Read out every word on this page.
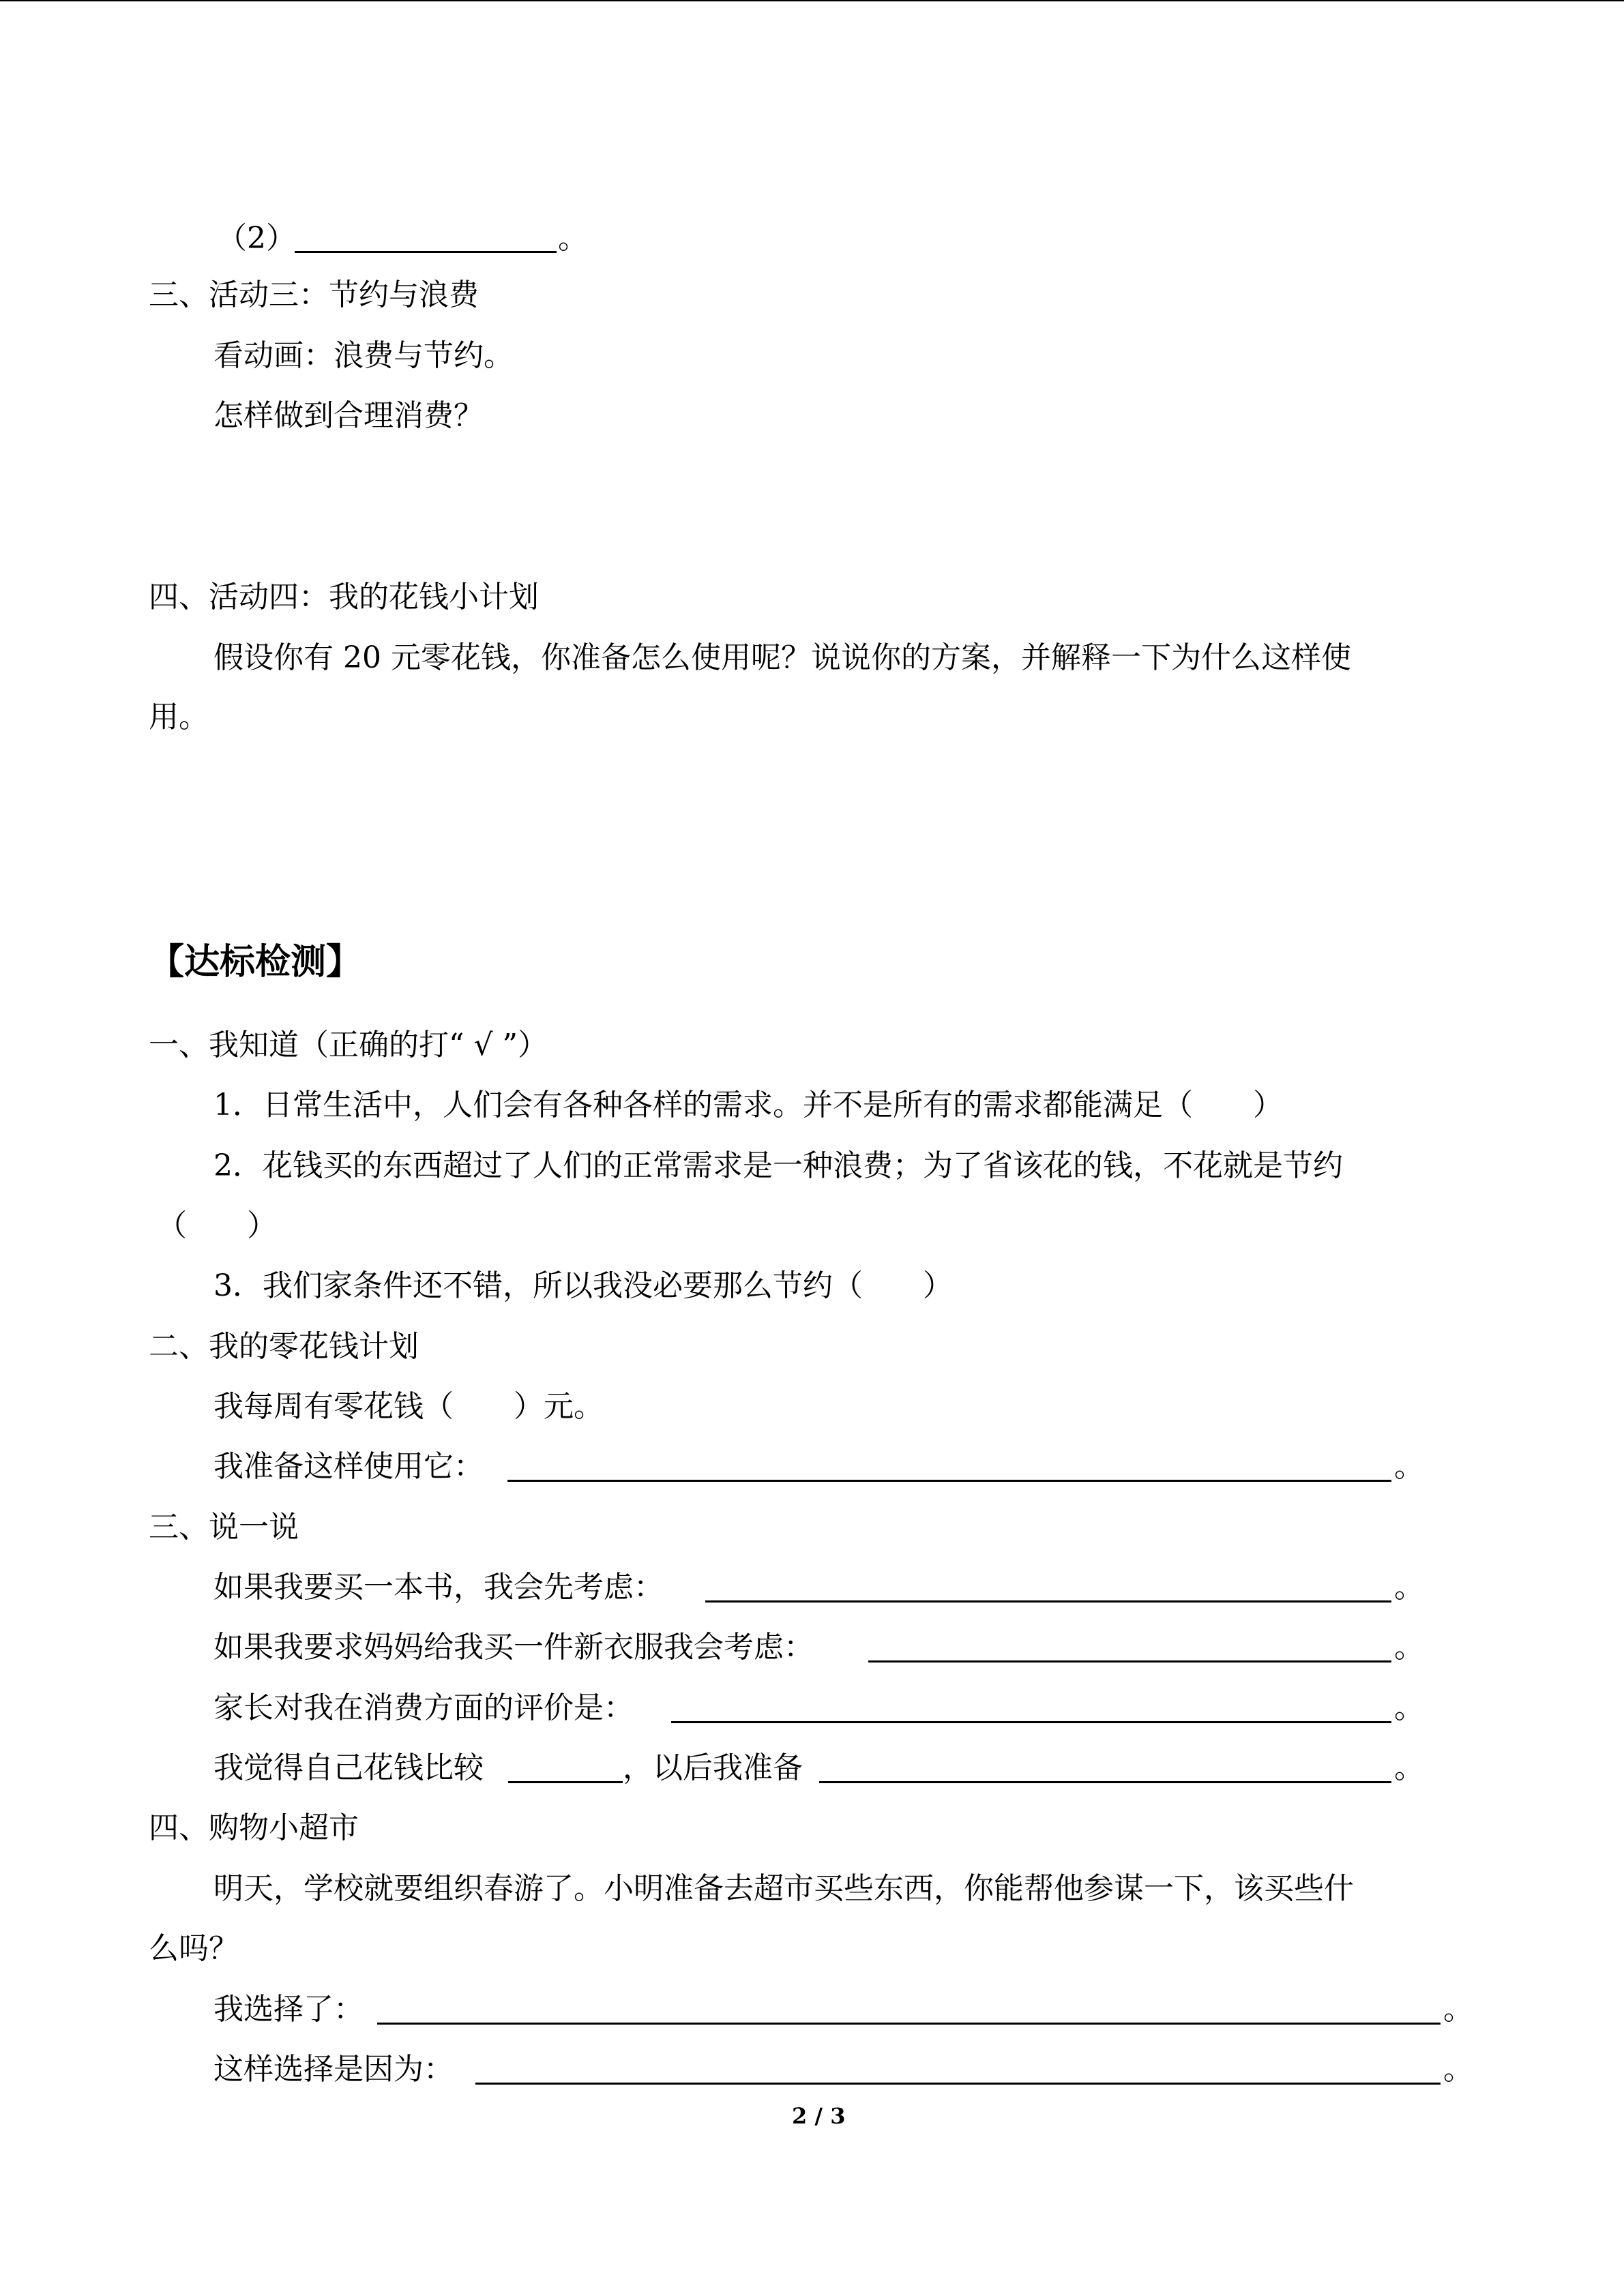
（2）	。
三、活动三：节约与浪费
看动画：浪费与节约。
怎样做到合理消费？
四、活动四：我的花钱小计划
假设你有 20 元零花钱，你准备怎么使用呢？说说你的方案，并解释一下为什么这样使
用。
【达标检测】
一、我知道（正确的打“ √ ”）
1．日常生活中，人们会有各种各样的需求。并不是所有的需求都能满足（　　）
2．花钱买的东西超过了人们的正常需求是一种浪费；为了省该花的钱，不花就是节约
（　　）
3．我们家条件还不错，所以我没必要那么节约（　　）
二、我的零花钱计划
我每周有零花钱（　　）元。
我准备这样使用它：	。
三、说一说
如果我要买一本书，我会先考虑：	。
如果我要求妈妈给我买一件新衣服我会考虑：	。
家长对我在消费方面的评价是：	。
我觉得自己花钱比较	，以后我准备	。
四、购物小超市
明天，学校就要组织春游了。小明准备去超市买些东西，你能帮他参谋一下，该买些什
么吗？
我选择了：	。
这样选择是因为：	。
2 / 3
